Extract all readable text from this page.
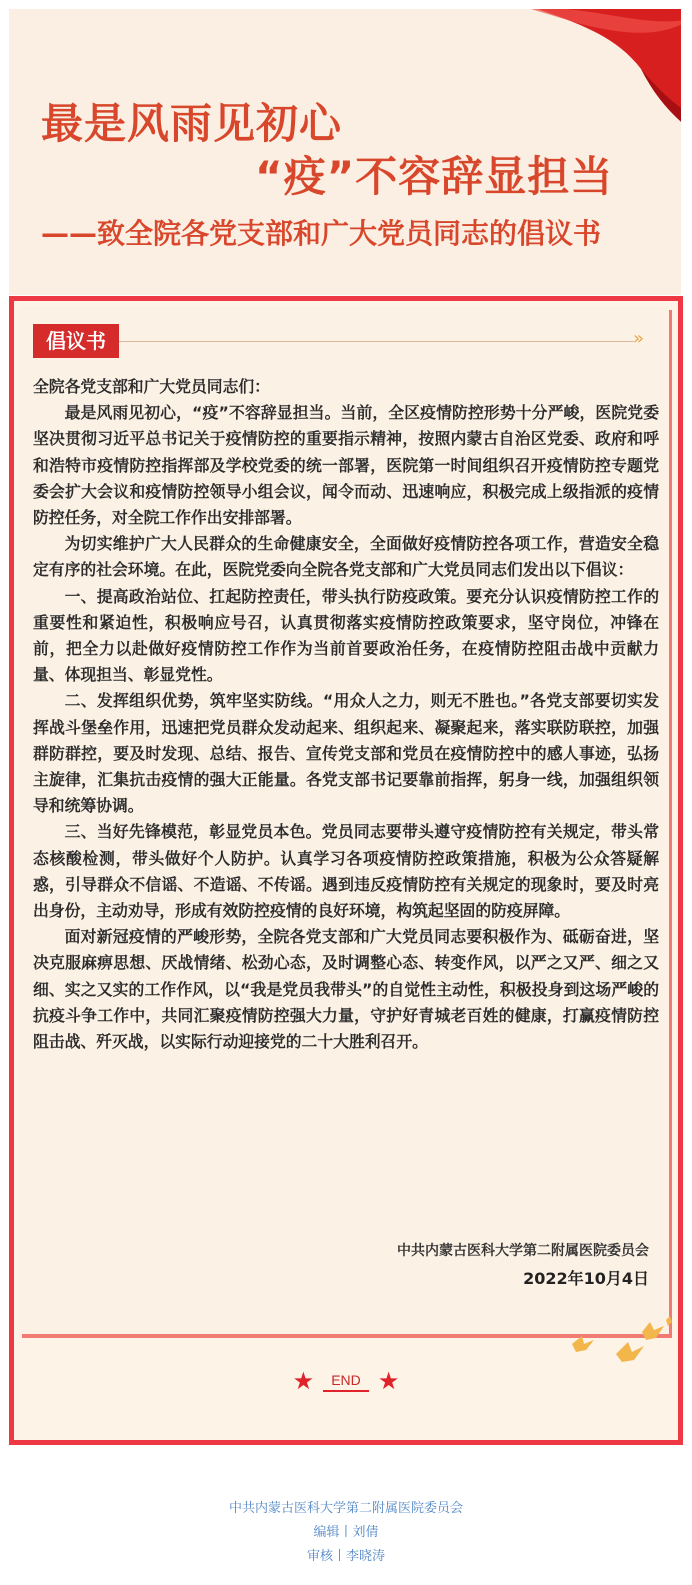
最是风雨见初心
“疫”不容辞显担当
——致全院各党支部和广大党员同志的倡议书
倡议书	»

全院各党支部和广大党员同志们：

最是风雨见初心，“疫”不容辞显担当。当前，全区疫情防控形势十分严峻，医院党委坚决贯彻习近平总书记关于疫情防控的重要指示精神，按照内蒙古自治区党委、政府和呼和浩特市疫情防控指挥部及学校党委的统一部署，医院第一时间组织召开疫情防控专题党委会扩大会议和疫情防控领导小组会议，闻令而动、迅速响应，积极完成上级指派的疫情防控任务，对全院工作作出安排部署。

为切实维护广大人民群众的生命健康安全，全面做好疫情防控各项工作，营造安全稳定有序的社会环境。在此，医院党委向全院各党支部和广大党员同志们发出以下倡议：

一、提高政治站位、扛起防控责任，带头执行防疫政策。要充分认识疫情防控工作的重要性和紧迫性，积极响应号召，认真贯彻落实疫情防控政策要求，坚守岗位，冲锋在前，把全力以赴做好疫情防控工作作为当前首要政治任务，在疫情防控阻击战中贡献力量、体现担当、彰显党性。

二、发挥组织优势，筑牢坚实防线。“用众人之力，则无不胜也。”各党支部要切实发挥战斗堡垒作用，迅速把党员群众发动起来、组织起来、凝聚起来，落实联防联控，加强群防群控，要及时发现、总结、报告、宣传党支部和党员在疫情防控中的感人事迹，弘扬主旋律，汇集抗击疫情的强大正能量。各党支部书记要靠前指挥，躬身一线，加强组织领导和统筹协调。

三、当好先锋模范，彰显党员本色。党员同志要带头遵守疫情防控有关规定，带头常态核酸检测，带头做好个人防护。认真学习各项疫情防控政策措施，积极为公众答疑解惑，引导群众不信谣、不造谣、不传谣。遇到违反疫情防控有关规定的现象时，要及时亮出身份，主动劝导，形成有效防控疫情的良好环境，构筑起坚固的防疫屏障。

面对新冠疫情的严峻形势，全院各党支部和广大党员同志要积极作为、砥砺奋进，坚决克服麻痹思想、厌战情绪、松劲心态，及时调整心态、转变作风，以严之又严、细之又细、实之又实的工作作风，以“我是党员我带头”的自觉性主动性，积极投身到这场严峻的抗疫斗争工作中，共同汇聚疫情防控强大力量，守护好青城老百姓的健康，打赢疫情防控阻击战、歼灭战，以实际行动迎接党的二十大胜利召开。

中共内蒙古医科大学第二附属医院委员会
2022年10月4日
★ END ★
中共内蒙古医科大学第二附属医院委员会
编辑丨刘倩
审核丨李晓涛
